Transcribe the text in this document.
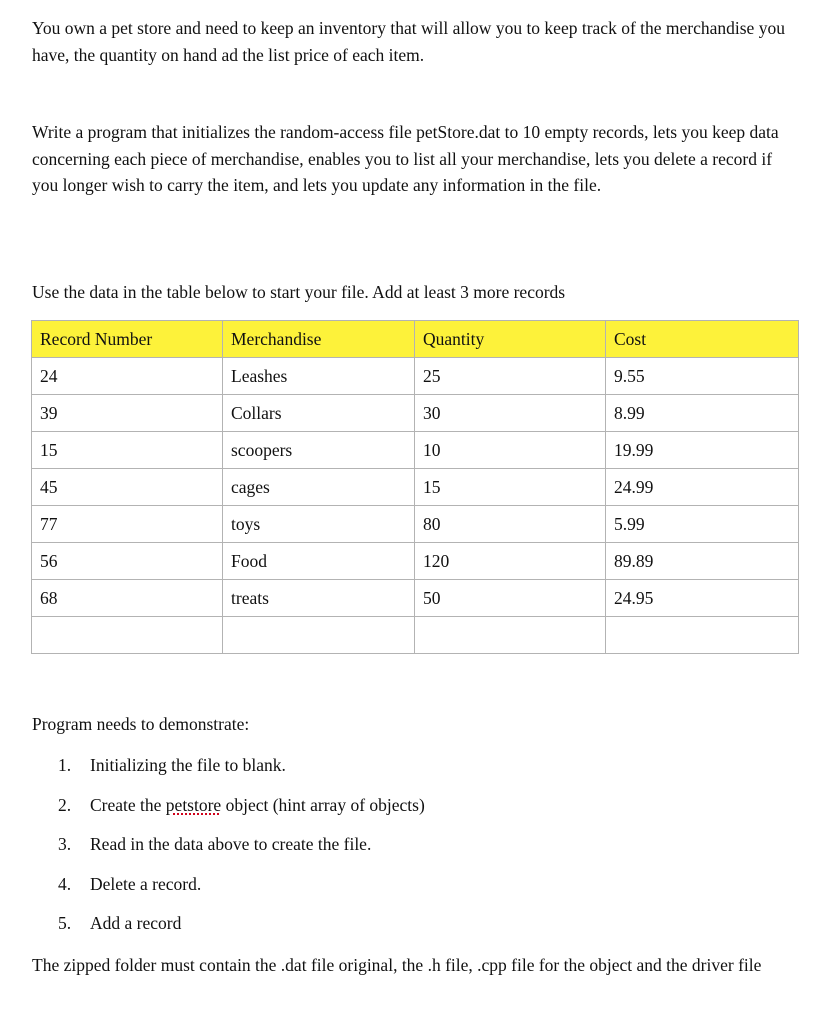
You own a pet store and need to keep an inventory that will allow you to keep track of the merchandise you have, the quantity on hand ad the list price of each item.

Write a program that initializes the random-access file petStore.dat to 10 empty records, lets you keep data concerning each piece of merchandise, enables you to list all your merchandise, lets you delete a record if you longer wish to carry the item, and lets you update any information in the file.

Use the data in the table below to start your file. Add at least 3 more records

Record Number	Merchandise	Quantity	Cost
24	Leashes	25	9.55
39	Collars	30	8.99
15	scoopers	10	19.99
45	cages	15	24.99
77	toys	80	5.99
56	Food	120	89.89
68	treats	50	24.95

Program needs to demonstrate:

1.	Initializing the file to blank.
2.	Create the petstore object (hint array of objects)
3.	Read in the data above to create the file.
4.	Delete a record.
5.	Add a record

The zipped folder must contain the .dat file original, the .h file, .cpp file for the object and the driver file
